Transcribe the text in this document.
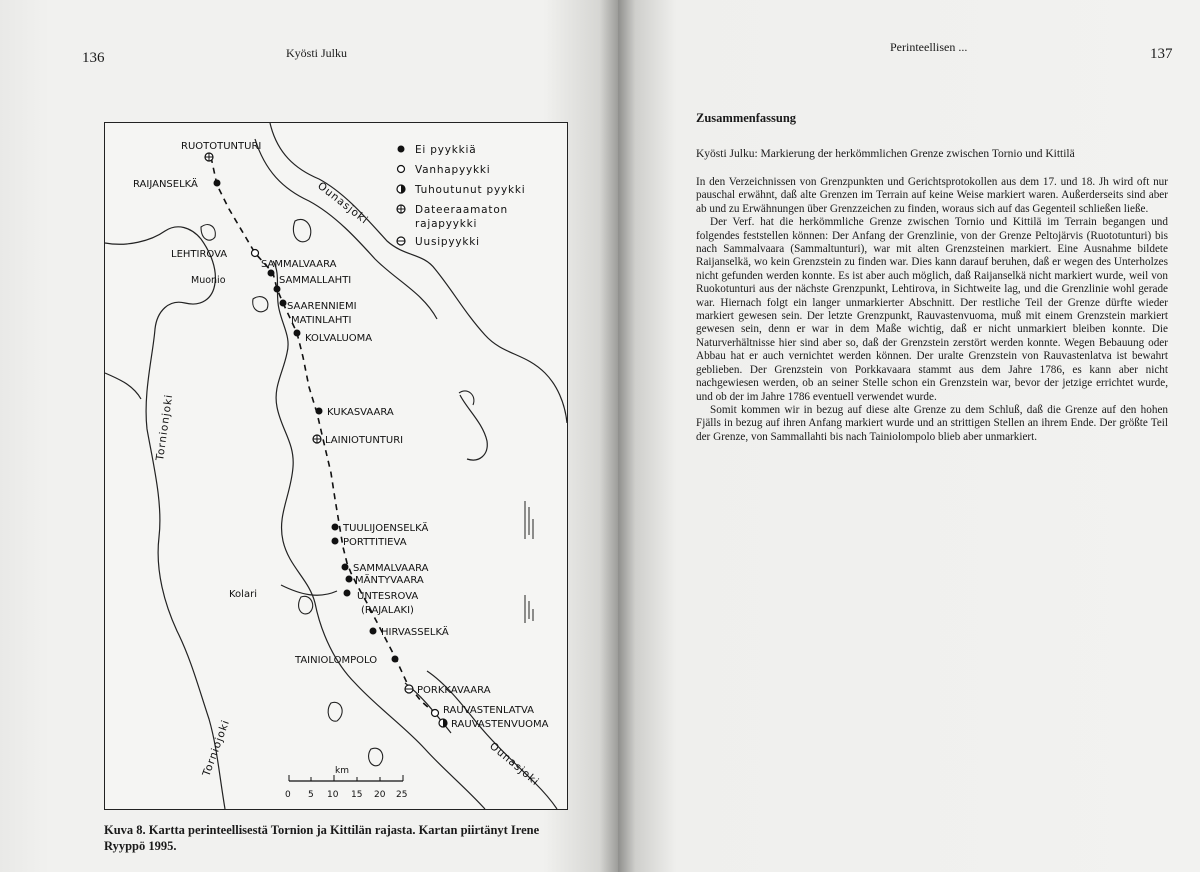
136	Kyösti Julku
Ei pyykkiä
Vanhapyykki
Tuhoutunut pyykki
Dateeraamaton
rajapyykki
Uusipyykki
RUOTOTUNTURI
RAIJANSELKÄ
LEHTIROVA
Muonio
SAMMALVAARA
SAMMALLAHTI
SAARENNIEMI
MATINLAHTI
KOLVALUOMA
KUKASVAARA
LAINIOTUNTURI
TUULIJOENSELKÄ
PORTTITIEVA
SAMMALVAARA
MÄNTYVAARA
UNTESROVA
(RAJALAKI)
HIRVASSELKÄ
TAINIOLOMPOLO
PORKKAVAARA
RAUVASTENLATVA
RAUVASTENVUOMA
Kolari
Ounasjoki
Ounasjoki
Tornionjoki
Torniojoki	km
0 5 10 15 20 25
Kuva 8. Kartta perinteellisestä Tornion ja Kittilän rajasta. Kartan piirtänyt Irene Ryyppö 1995.
Perinteellisen ...	137
Zusammenfassung
Kyösti Julku: Markierung der herkömmlichen Grenze zwischen Tornio und Kittilä

In den Verzeichnissen von Grenzpunkten und Gerichtsprotokollen aus dem 17. und 18. Jh wird oft nur pauschal erwähnt, daß alte Grenzen im Terrain auf keine Weise markiert waren. Außerderseits sind aber ab und zu Erwähnungen über Grenzzeichen zu finden, woraus sich auf das Gegenteil schließen ließe.

Der Verf. hat die herkömmliche Grenze zwischen Tornio und Kittilä im Terrain begangen und folgendes feststellen können: Der Anfang der Grenzlinie, von der Grenze Peltojärvis (Ruototunturi) bis nach Sammalvaara (Sammaltunturi), war mit alten Grenzsteinen markiert. Eine Ausnahme bildete Raijanselkä, wo kein Grenzstein zu finden war. Dies kann darauf beruhen, daß er wegen des Unterholzes nicht gefunden werden konnte. Es ist aber auch möglich, daß Raijanselkä nicht markiert wurde, weil von Ruokotunturi aus der nächste Grenzpunkt, Lehtirova, in Sichtweite lag, und die Grenzlinie wohl gerade war. Hiernach folgt ein langer unmarkierter Abschnitt. Der restliche Teil der Grenze dürfte wieder markiert gewesen sein. Der letzte Grenzpunkt, Rauvastenvuoma, muß mit einem Grenzstein markiert gewesen sein, denn er war in dem Maße wichtig, daß er nicht unmarkiert bleiben konnte. Die Naturverhältnisse hier sind aber so, daß der Grenzstein zerstört werden konnte. Wegen Bebauung oder Abbau hat er auch vernichtet werden können. Der uralte Grenzstein von Rauvastenlatva ist bewahrt geblieben. Der Grenzstein von Porkkavaara stammt aus dem Jahre 1786, es kann aber nicht nachgewiesen werden, ob an seiner Stelle schon ein Grenzstein war, bevor der jetzige errichtet wurde, und ob der im Jahre 1786 eventuell verwendet wurde.

Somit kommen wir in bezug auf diese alte Grenze zu dem Schluß, daß die Grenze auf den hohen Fjälls in bezug auf ihren Anfang markiert wurde und an strittigen Stellen an ihrem Ende. Der größte Teil der Grenze, von Sammallahti bis nach Tainiolompolo blieb aber unmarkiert.
